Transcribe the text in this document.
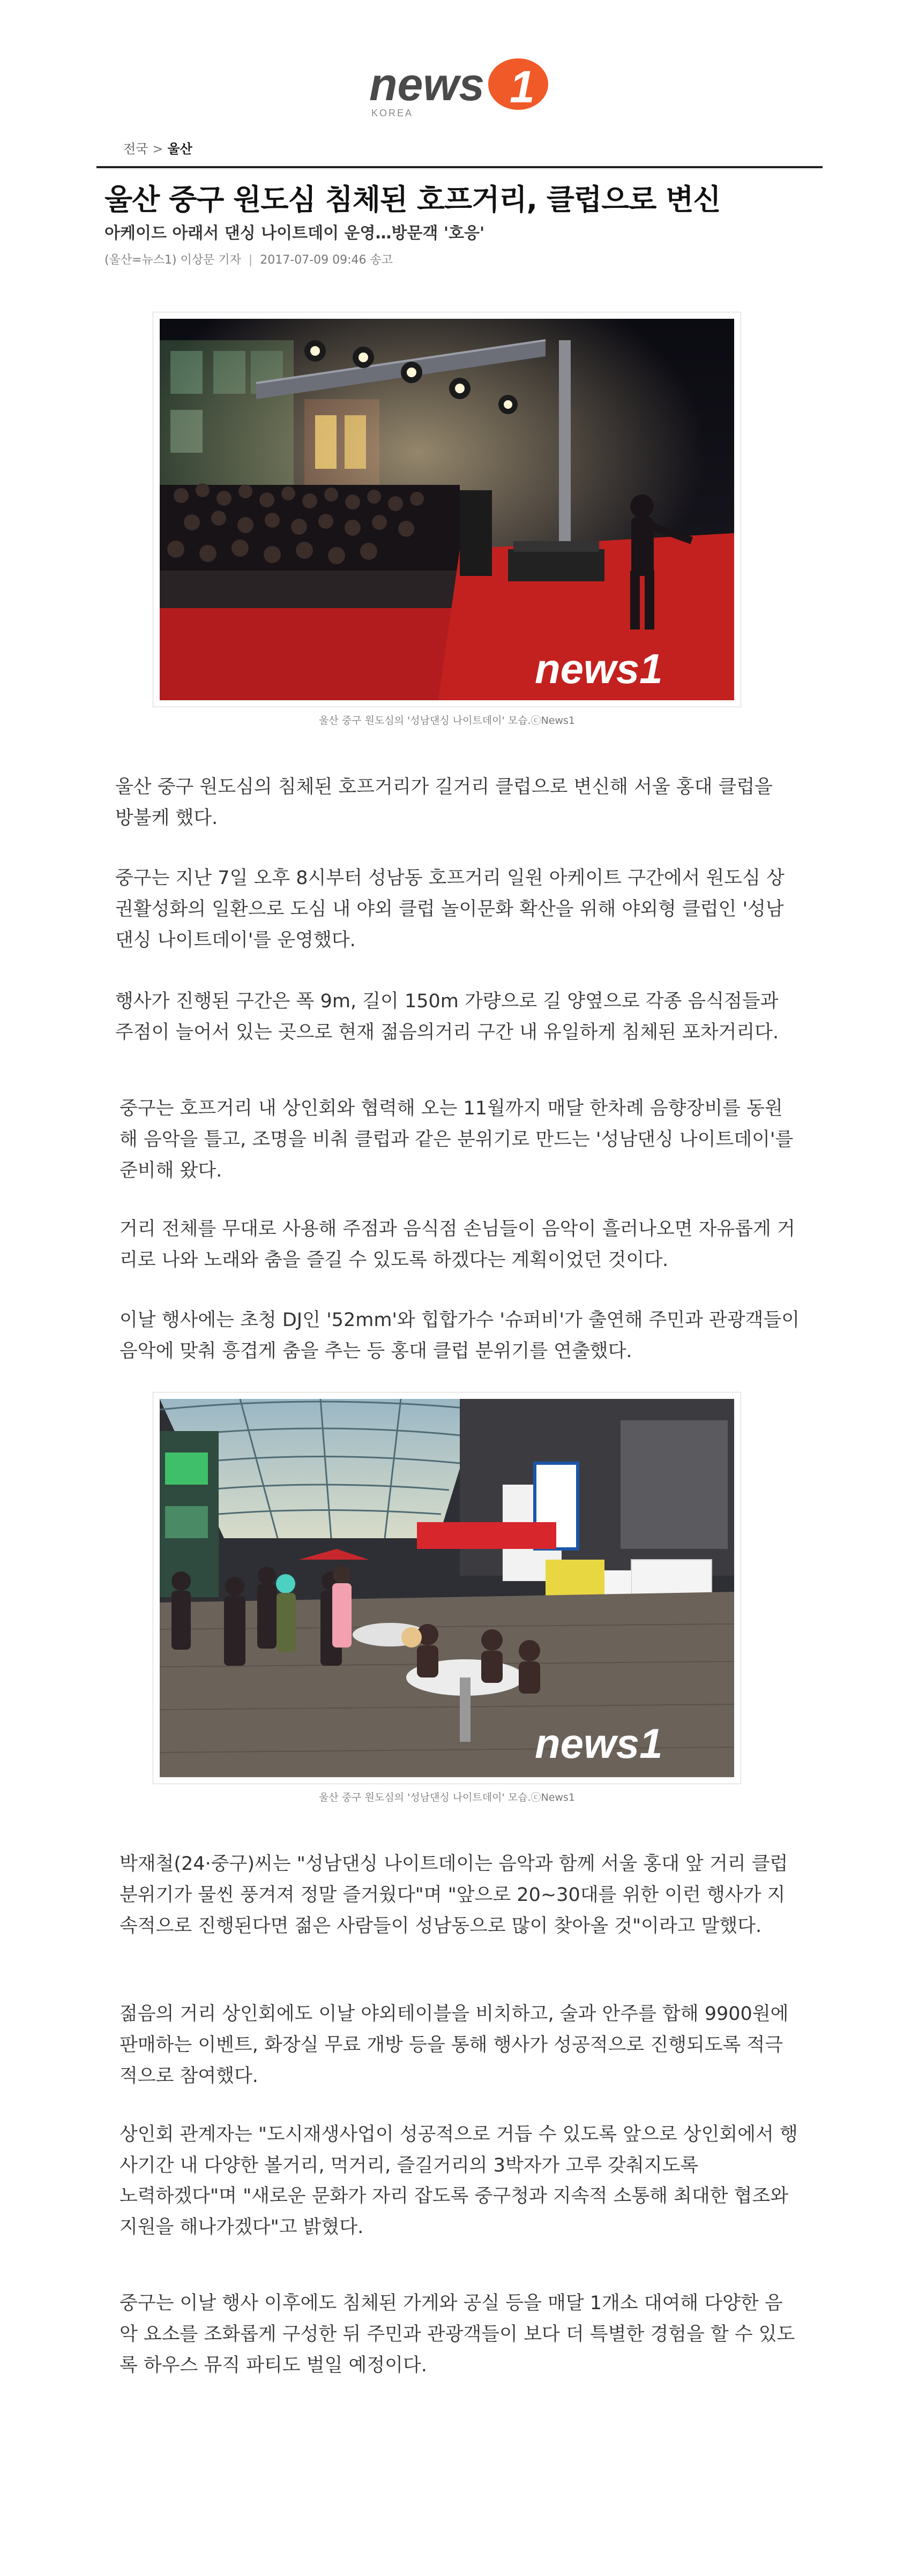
news 1
KOREA
전국 > 울산
울산 중구 원도심 침체된 호프거리, 클럽으로 변신
아케이드 아래서 댄싱 나이트데이 운영…방문객 '호응'
(울산=뉴스1) 이상문 기자 | 2017-07-09 09:46 송고
news1
울산 중구 원도심의 '성남댄싱 나이트데이' 모습.ⓒNews1

울산 중구 원도심의 침체된 호프거리가 길거리 클럽으로 변신해 서울 홍대 클럽을 방불케 했다.

중구는 지난 7일 오후 8시부터 성남동 호프거리 일원 아케이트 구간에서 원도심 상권활성화의 일환으로 도심 내 야외 클럽 놀이문화 확산을 위해 야외형 클럽인 '성남댄싱 나이트데이'를 운영했다.

행사가 진행된 구간은 폭 9m, 길이 150m 가량으로 길 양옆으로 각종 음식점들과 주점이 늘어서 있는 곳으로 현재 젊음의거리 구간 내 유일하게 침체된 포차거리다.

중구는 호프거리 내 상인회와 협력해 오는 11월까지 매달 한차례 음향장비를 동원해 음악을 틀고, 조명을 비춰 클럽과 같은 분위기로 만드는 '성남댄싱 나이트데이'를 준비해 왔다.

거리 전체를 무대로 사용해 주점과 음식점 손님들이 음악이 흘러나오면 자유롭게 거리로 나와 노래와 춤을 즐길 수 있도록 하겠다는 계획이었던 것이다.

이날 행사에는 초청 DJ인 '52mm'와 힙합가수 '슈퍼비'가 출연해 주민과 관광객들이 음악에 맞춰 흥겹게 춤을 추는 등 홍대 클럽 분위기를 연출했다.

news1
울산 중구 원도심의 '성남댄싱 나이트데이' 모습.ⓒNews1

박재철(24·중구)씨는 "성남댄싱 나이트데이는 음악과 함께 서울 홍대 앞 거리 클럽 분위기가 물씬 풍겨져 정말 즐거웠다"며 "앞으로 20~30대를 위한 이런 행사가 지속적으로 진행된다면 젊은 사람들이 성남동으로 많이 찾아올 것"이라고 말했다.

젊음의 거리 상인회에도 이날 야외테이블을 비치하고, 술과 안주를 합해 9900원에 판매하는 이벤트, 화장실 무료 개방 등을 통해 행사가 성공적으로 진행되도록 적극적으로 참여했다.

상인회 관계자는 "도시재생사업이 성공적으로 거듭 수 있도록 앞으로 상인회에서 행사기간 내 다양한 볼거리, 먹거리, 즐길거리의 3박자가 고루 갖춰지도록

노력하겠다"며 "새로운 문화가 자리 잡도록 중구청과 지속적 소통해 최대한 협조와 지원을 해나가겠다"고 밝혔다.

중구는 이날 행사 이후에도 침체된 가게와 공실 등을 매달 1개소 대여해 다양한 음악 요소를 조화롭게 구성한 뒤 주민과 관광객들이 보다 더 특별한 경험을 할 수 있도록 하우스 뮤직 파티도 벌일 예정이다.
